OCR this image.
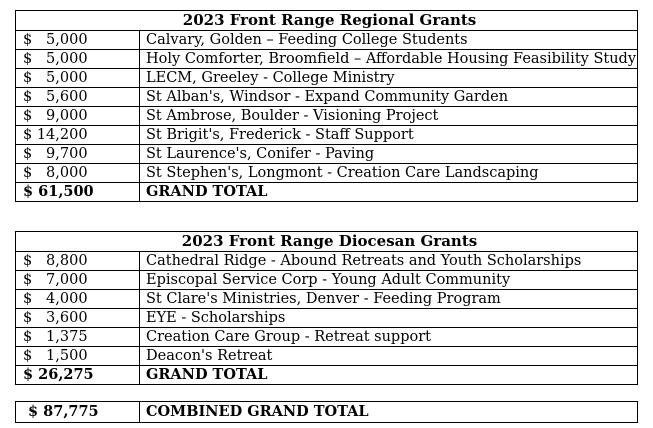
2023 Front Range Regional Grants	
$   5,000	Calvary, Golden – Feeding College Students
$   5,000	Holy Comforter, Broomfield – Affordable Housing Feasibility Study
$   5,000	LECM, Greeley - College Ministry
$   5,600	St Alban's, Windsor - Expand Community Garden
$   9,000	St Ambrose, Boulder - Visioning Project
$ 14,200	St Brigit's, Frederick - Staff Support
$   9,700	St Laurence's, Conifer - Paving
$   8,000	St Stephen's, Longmont - Creation Care Landscaping
$ 61,500	GRAND TOTAL
2023 Front Range Diocesan Grants	
$   8,800	Cathedral Ridge - Abound Retreats and Youth Scholarships
$   7,000	Episcopal Service Corp - Young Adult Community
$   4,000	St Clare's Ministries, Denver - Feeding Program
$   3,600	EYE - Scholarships
$   1,375	Creation Care Group - Retreat support
$   1,500	Deacon's Retreat
$ 26,275	GRAND TOTAL
$ 87,775	COMBINED GRAND TOTAL
